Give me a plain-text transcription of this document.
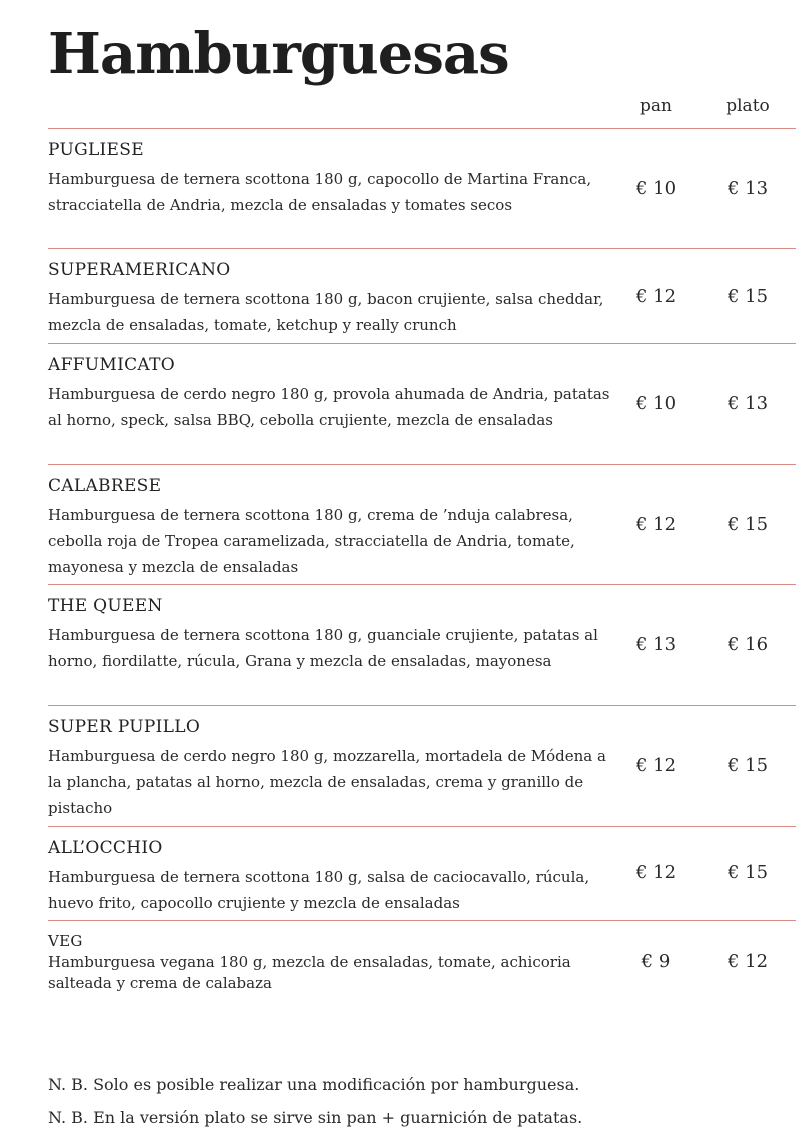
Hamburguesas
pan	plato
PUGLIESE
Hamburguesa de ternera scottona 180 g, capocollo de Martina Franca, stracciatella de Andria, mezcla de ensaladas y tomates secos
€ 10	€ 13
SUPERAMERICANO
Hamburguesa de ternera scottona 180 g, bacon crujiente, salsa cheddar, mezcla de ensaladas, tomate, ketchup y really crunch
€ 12	€ 15
AFFUMICATO
Hamburguesa de cerdo negro 180 g, provola ahumada de Andria, patatas al horno, speck, salsa BBQ, cebolla crujiente, mezcla de ensaladas
€ 10	€ 13
CALABRESE
Hamburguesa de ternera scottona 180 g, crema de ’nduja calabresa, cebolla roja de Tropea caramelizada, stracciatella de Andria, tomate, mayonesa y mezcla de ensaladas
€ 12	€ 15
THE QUEEN
Hamburguesa de ternera scottona 180 g, guanciale crujiente, patatas al horno, fiordilatte, rúcula, Grana y mezcla de ensaladas, mayonesa
€ 13	€ 16
SUPER PUPILLO
Hamburguesa de cerdo negro 180 g, mozzarella, mortadela de Módena a la plancha, patatas al horno, mezcla de ensaladas, crema y granillo de pistacho
€ 12	€ 15
ALL’OCCHIO
Hamburguesa de ternera scottona 180 g, salsa de caciocavallo, rúcula, huevo frito, capocollo crujiente y mezcla de ensaladas
€ 12	€ 15
VEG
Hamburguesa vegana 180 g, mezcla de ensaladas, tomate, achicoria salteada y crema de calabaza
€ 9	€ 12
N. B. Solo es posible realizar una modificación por hamburguesa.
N. B. En la versión plato se sirve sin pan + guarnición de patatas.
